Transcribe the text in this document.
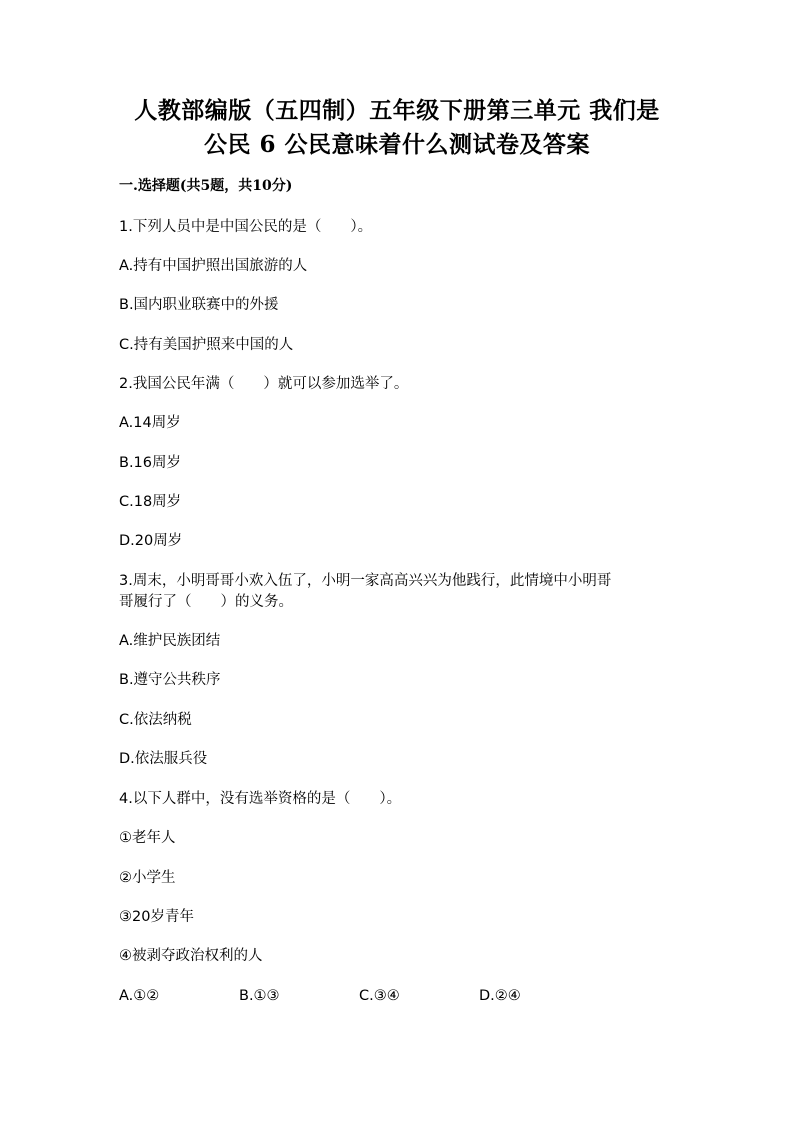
人教部编版（五四制）五年级下册第三单元 我们是
公民 6 公民意味着什么测试卷及答案
一.选择题(共5题，共10分)
1.下列人员中是中国公民的是（　　）。
A.持有中国护照出国旅游的人
B.国内职业联赛中的外援
C.持有美国护照来中国的人
2.我国公民年满（　　）就可以参加选举了。
A.14周岁
B.16周岁
C.18周岁
D.20周岁
3.周末，小明哥哥小欢入伍了，小明一家高高兴兴为他践行，此情境中小明哥
哥履行了（　　）的义务。
A.维护民族团结
B.遵守公共秩序
C.依法纳税
D.依法服兵役
4.以下人群中，没有选举资格的是（　　）。
①老年人
②小学生
③20岁青年
④被剥夺政治权利的人
A.①②	B.①③	C.③④	D.②④
